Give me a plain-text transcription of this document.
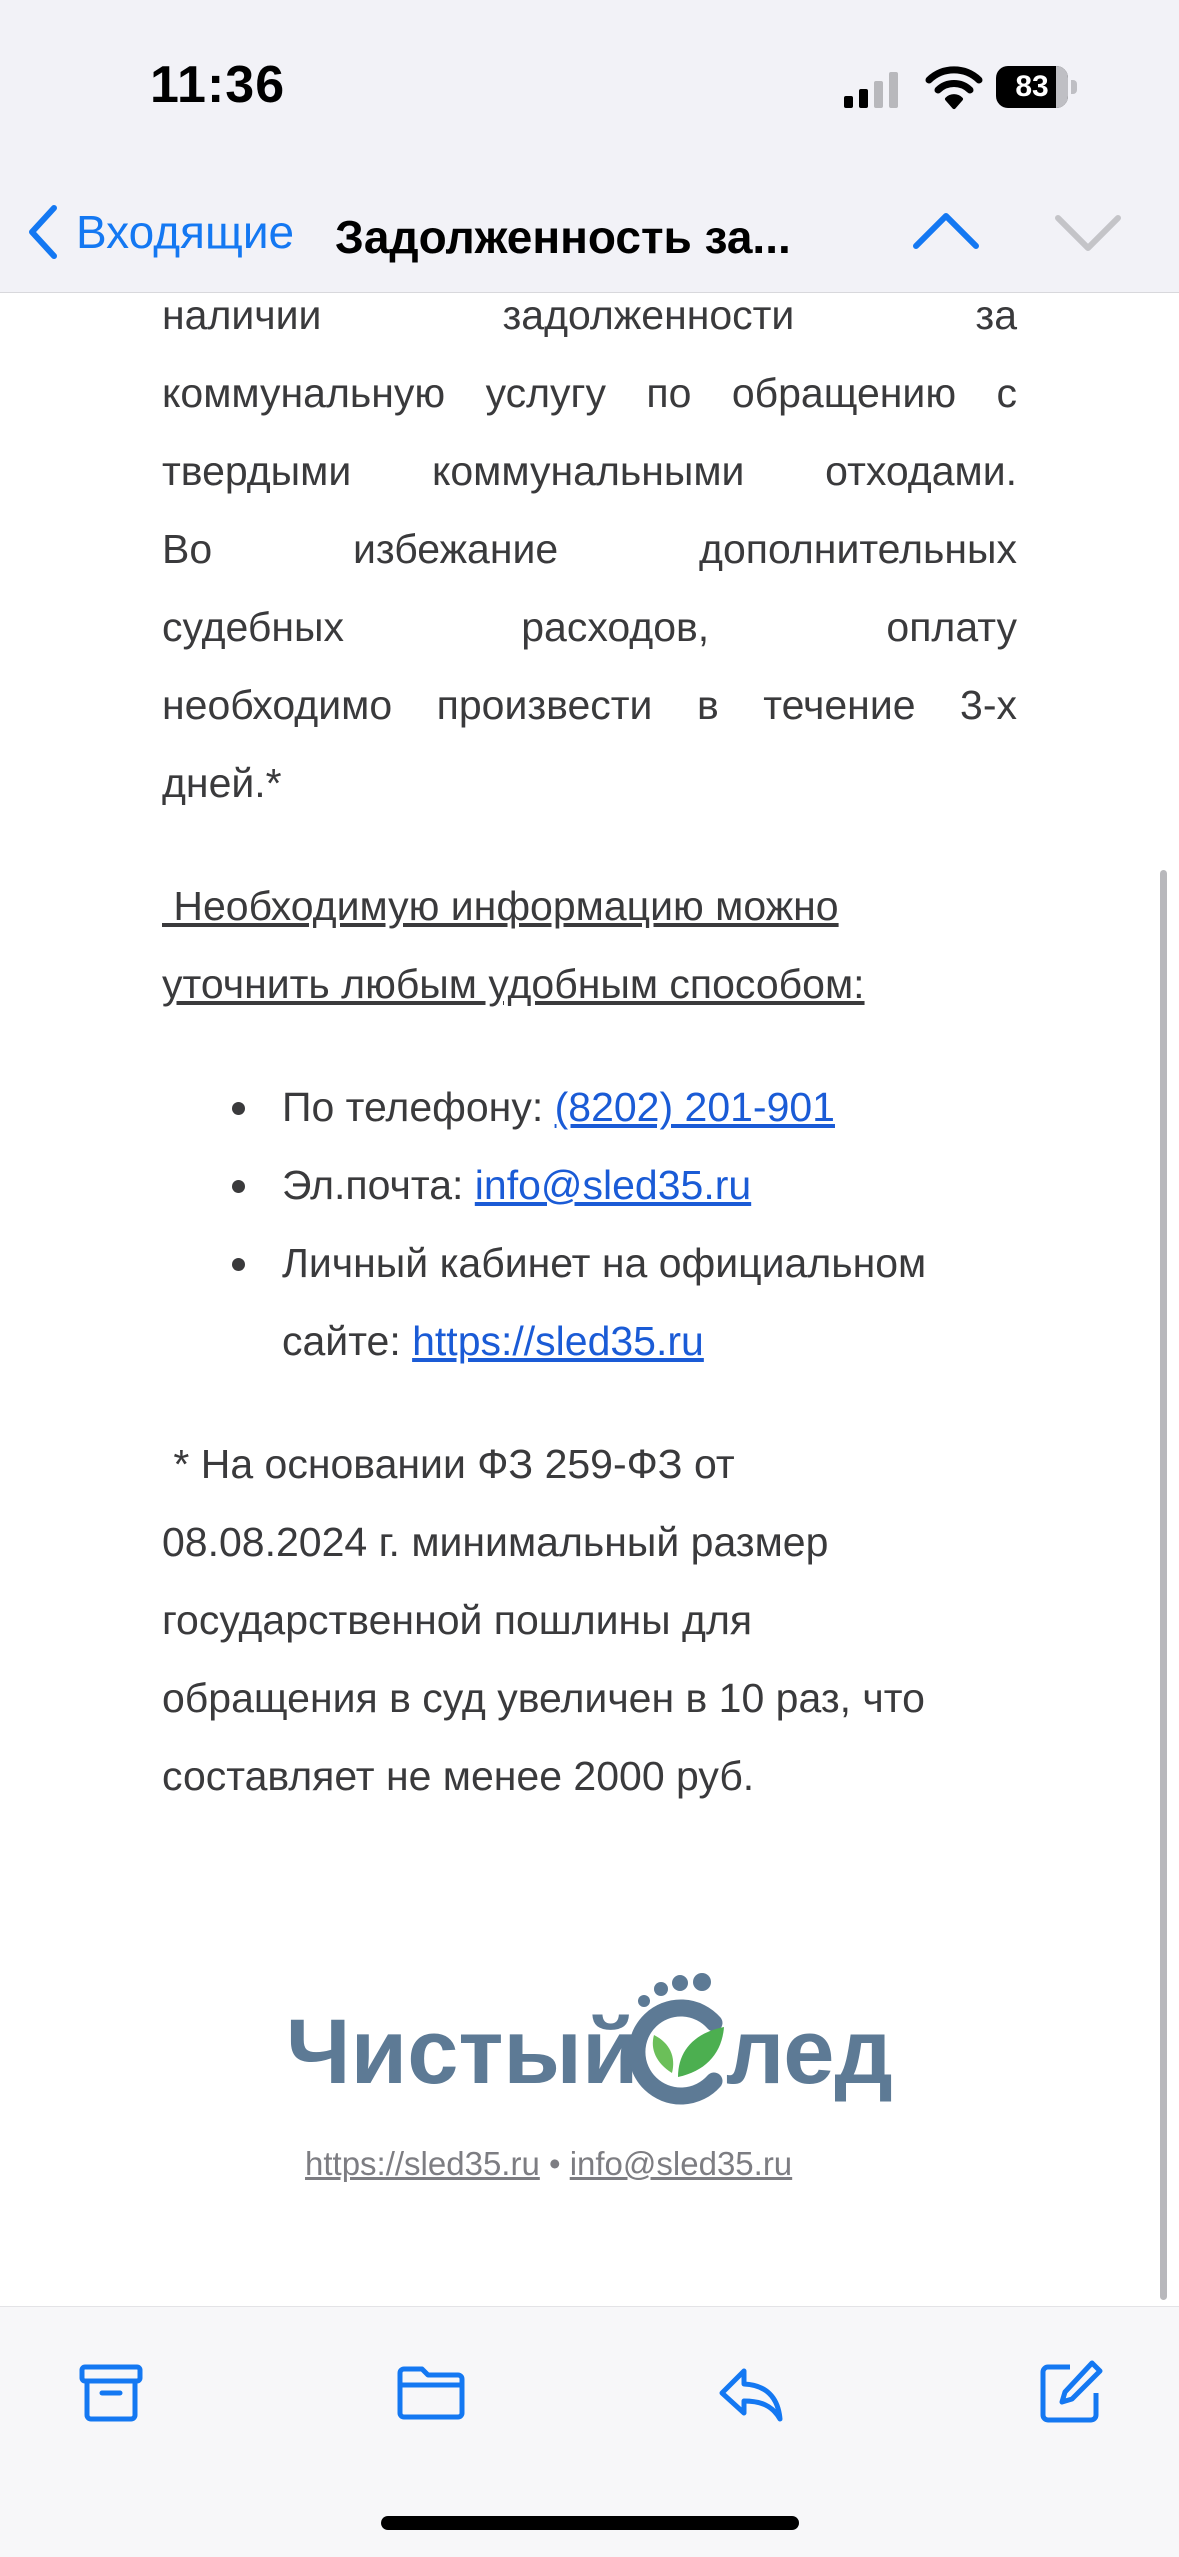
11:36	83
Входящие Задолженность за...
наличии задолженности за
коммунальную услугу по обращению с
твердыми коммунальными отходами.
Во избежание дополнительных
судебных расходов, оплату
необходимо произвести в течение 3-х
дней.*
Необходимую информацию можно
уточнить любым удобным способом:
По телефону: (8202) 201-901
Эл.почта: info@sled35.ru
Личный кабинет на официальном
сайте: https://sled35.ru
* На основании ФЗ 259-ФЗ от
08.08.2024 г. минимальный размер
государственной пошлины для
обращения в суд увеличен в 10 раз, что
составляет не менее 2000 руб.
Чистый лед
https://sled35.ru • info@sled35.ru
